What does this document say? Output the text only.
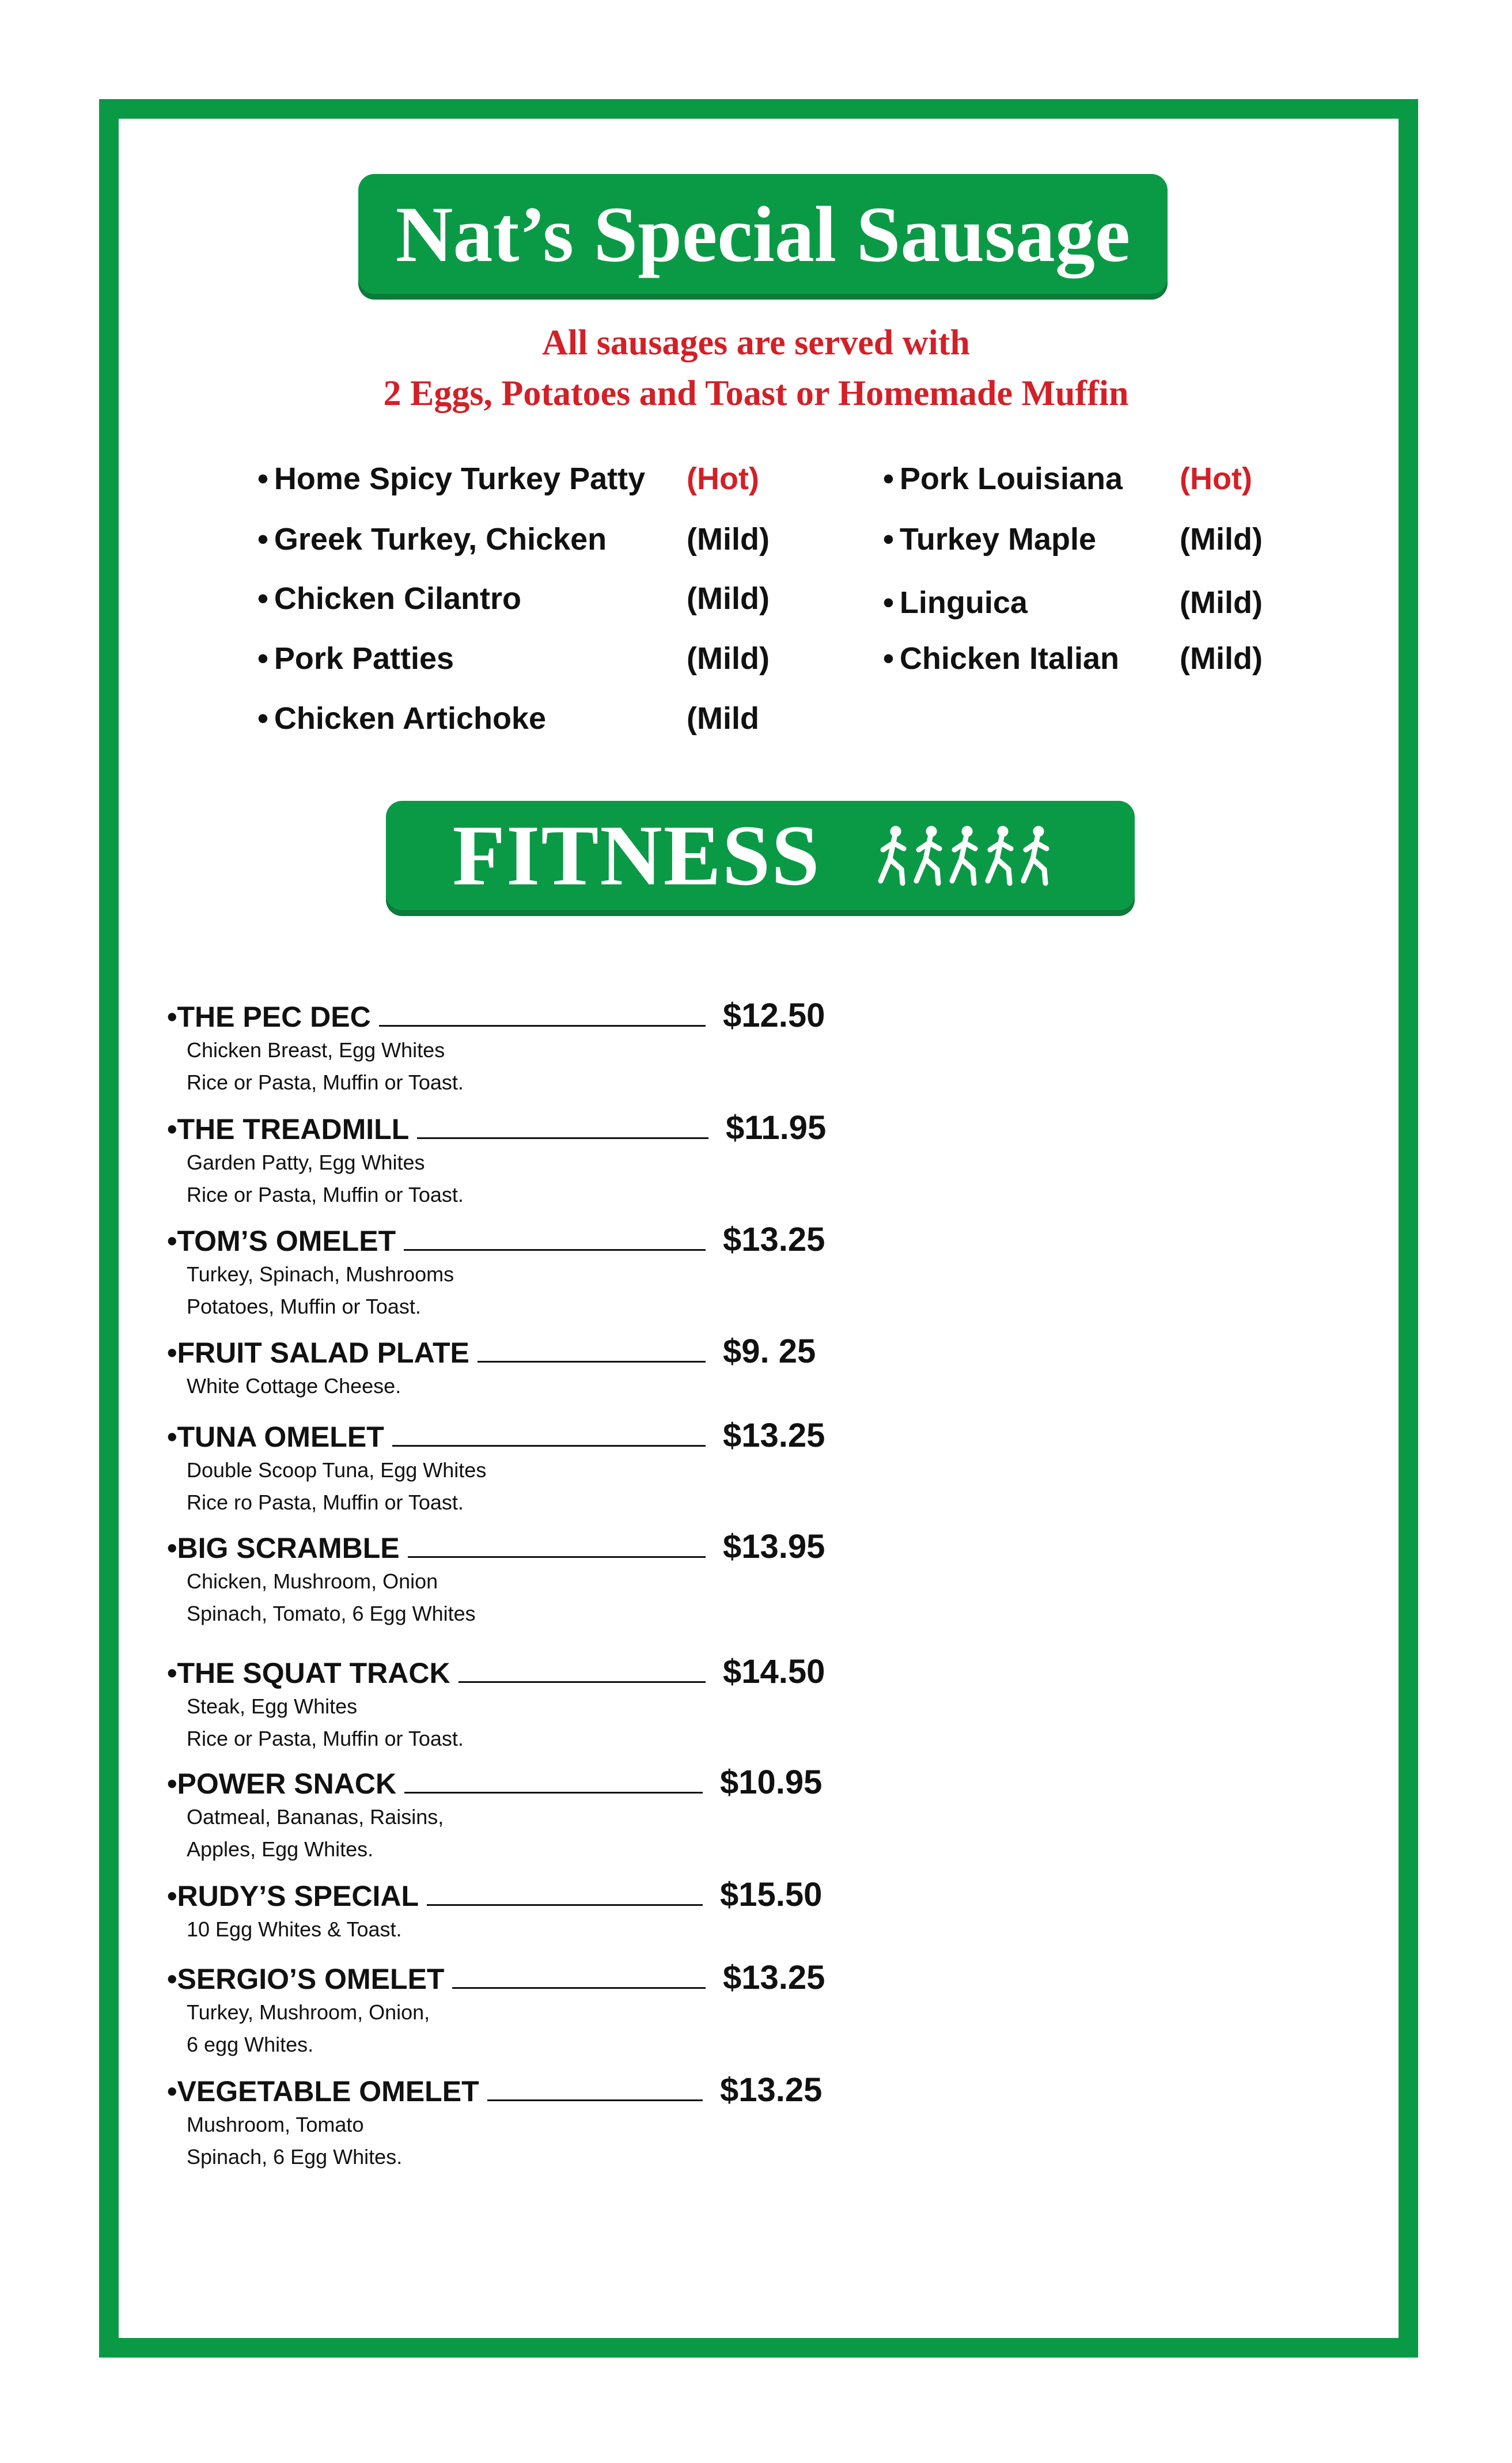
Nat’s Special Sausage
All sausages are served with
2 Eggs, Potatoes and Toast or Homemade Muffin
• Home Spicy Turkey Patty (Hot)
• Greek Turkey, Chicken	(Mild)
• Chicken Cilantro	(Mild)
• Pork Patties	(Mild)
• Chicken Artichoke	(Mild
• Pork Louisiana (Hot)
• Turkey Maple	(Mild)
• Linguica	(Mild)
• Chicken Italian (Mild)
FITNESS
•THE PEC DEC	$12.50
Chicken Breast, Egg Whites
Rice or Pasta, Muffin or Toast.
•THE TREADMILL	$11.95
Garden Patty, Egg Whites
Rice or Pasta, Muffin or Toast.
•TOM’S OMELET	$13.25
Turkey, Spinach, Mushrooms
Potatoes, Muffin or Toast.
•FRUIT SALAD PLATE	$9. 25
White Cottage Cheese.
•TUNA OMELET	$13.25
Double Scoop Tuna, Egg Whites
Rice ro Pasta, Muffin or Toast.
•BIG SCRAMBLE	$13.95
Chicken, Mushroom, Onion
Spinach, Tomato, 6 Egg Whites
•THE SQUAT TRACK	$14.50
Steak, Egg Whites
Rice or Pasta, Muffin or Toast.
•POWER SNACK	$10.95
Oatmeal, Bananas, Raisins,
Apples, Egg Whites.
•RUDY’S SPECIAL	$15.50
10 Egg Whites & Toast.
•SERGIO’S OMELET	$13.25
Turkey, Mushroom, Onion,
6 egg Whites.
•VEGETABLE OMELET	$13.25
Mushroom, Tomato
Spinach, 6 Egg Whites.
